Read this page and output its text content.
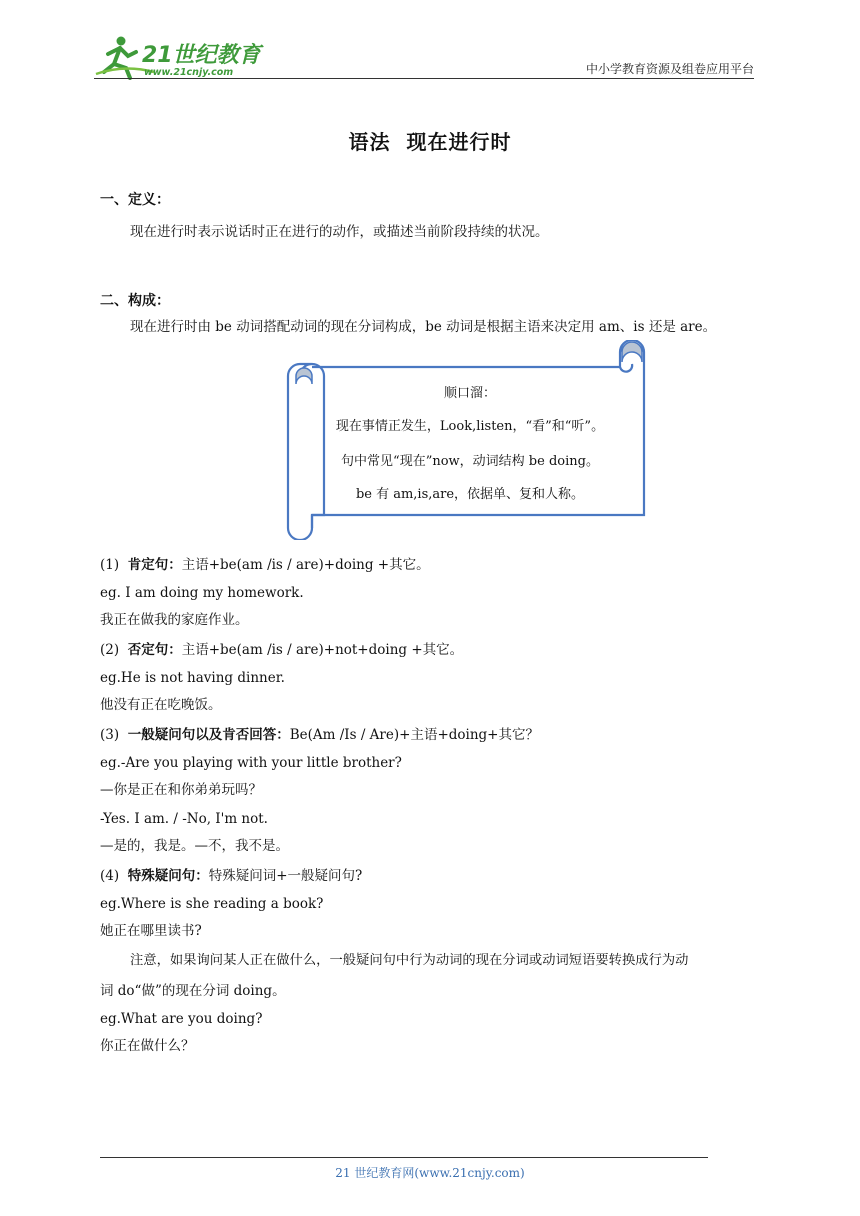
21世纪教育
www.21cnjy.com	中小学教育资源及组卷应用平台
语法  现在进行时
一、定义：
现在进行时表示说话时正在进行的动作，或描述当前阶段持续的状况。
二、构成：
现在进行时由 be 动词搭配动词的现在分词构成，be 动词是根据主语来决定用 am、is 还是 are。
顺口溜：
现在事情正发生，Look,listen，“看”和“听”。
句中常见“现在”now，动词结构 be doing。
be 有 am,is,are，依据单、复和人称。
(1) 肯定句：主语+be(am /is / are)+doing +其它。
eg. I am doing my homework.
我正在做我的家庭作业。
(2) 否定句：主语+be(am /is / are)+not+doing +其它。
eg.He is not having dinner.
他没有正在吃晚饭。
(3) 一般疑问句以及肯否回答：Be(Am /Is / Are)+主语+doing+其它？
eg.-Are you playing with your little brother?
—你是正在和你弟弟玩吗？
-Yes. I am. / -No, I'm not.
—是的，我是。—不，我不是。
(4) 特殊疑问句：特殊疑问词+一般疑问句?
eg.Where is she reading a book?
她正在哪里读书?
注意，如果询问某人正在做什么，一般疑问句中行为动词的现在分词或动词短语要转换成行为动
词 do“做”的现在分词 doing。
eg.What are you doing?
你正在做什么？
21 世纪教育网(www.21cnjy.com)
